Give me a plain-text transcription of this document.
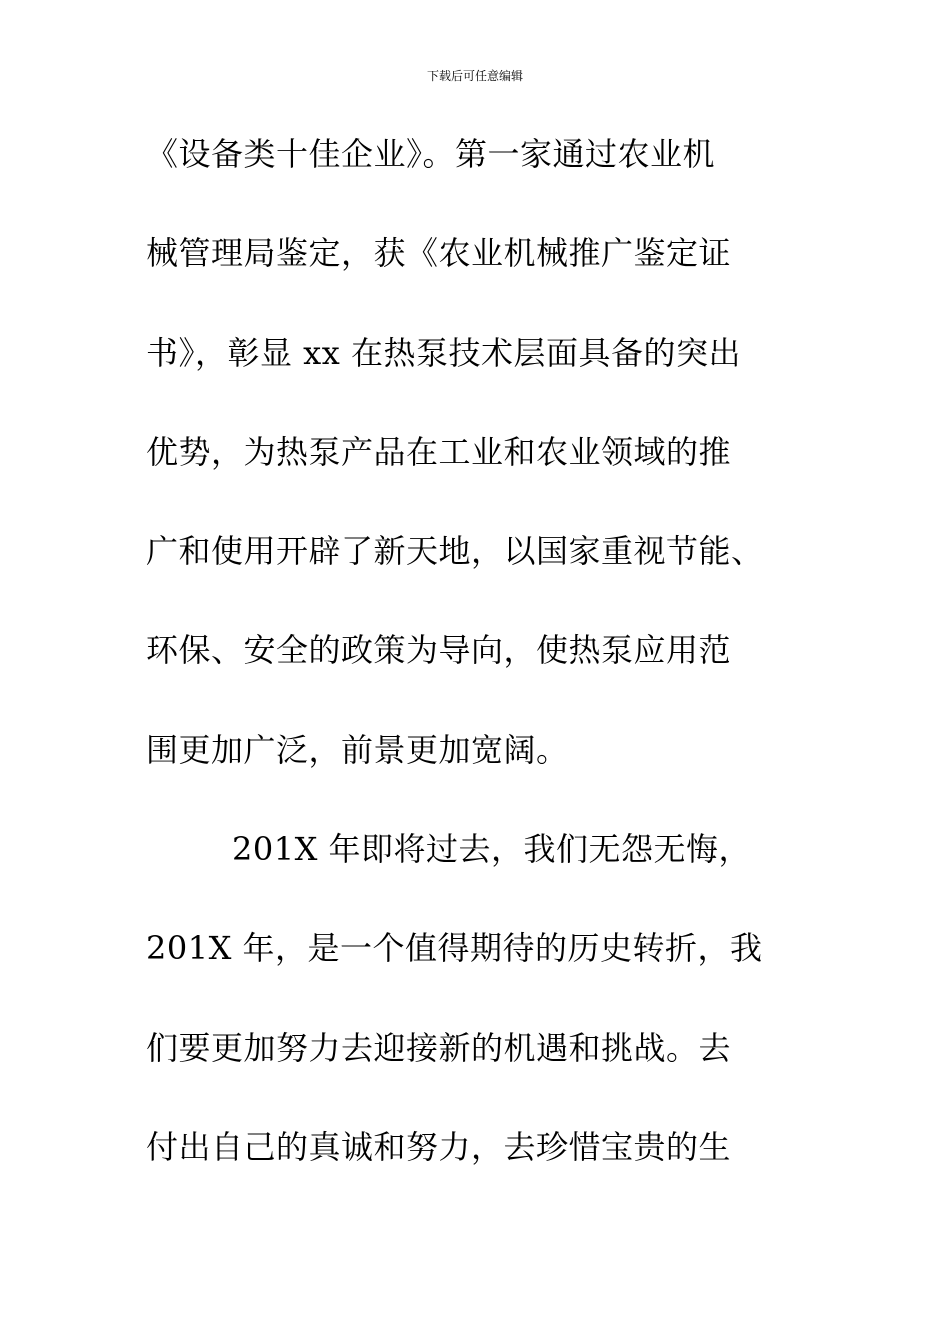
下载后可任意编辑
《设备类十佳企业》。第一家通过农业机
械管理局鉴定，获《农业机械推广鉴定证
书》，彰显 xx 在热泵技术层面具备的突出
优势，为热泵产品在工业和农业领域的推
广和使用开辟了新天地，以国家重视节能、
环保、安全的政策为导向，使热泵应用范
围更加广泛，前景更加宽阔。
201X 年即将过去，我们无怨无悔，
201X 年，是一个值得期待的历史转折，我
们要更加努力去迎接新的机遇和挑战。去
付出自己的真诚和努力，去珍惜宝贵的生
